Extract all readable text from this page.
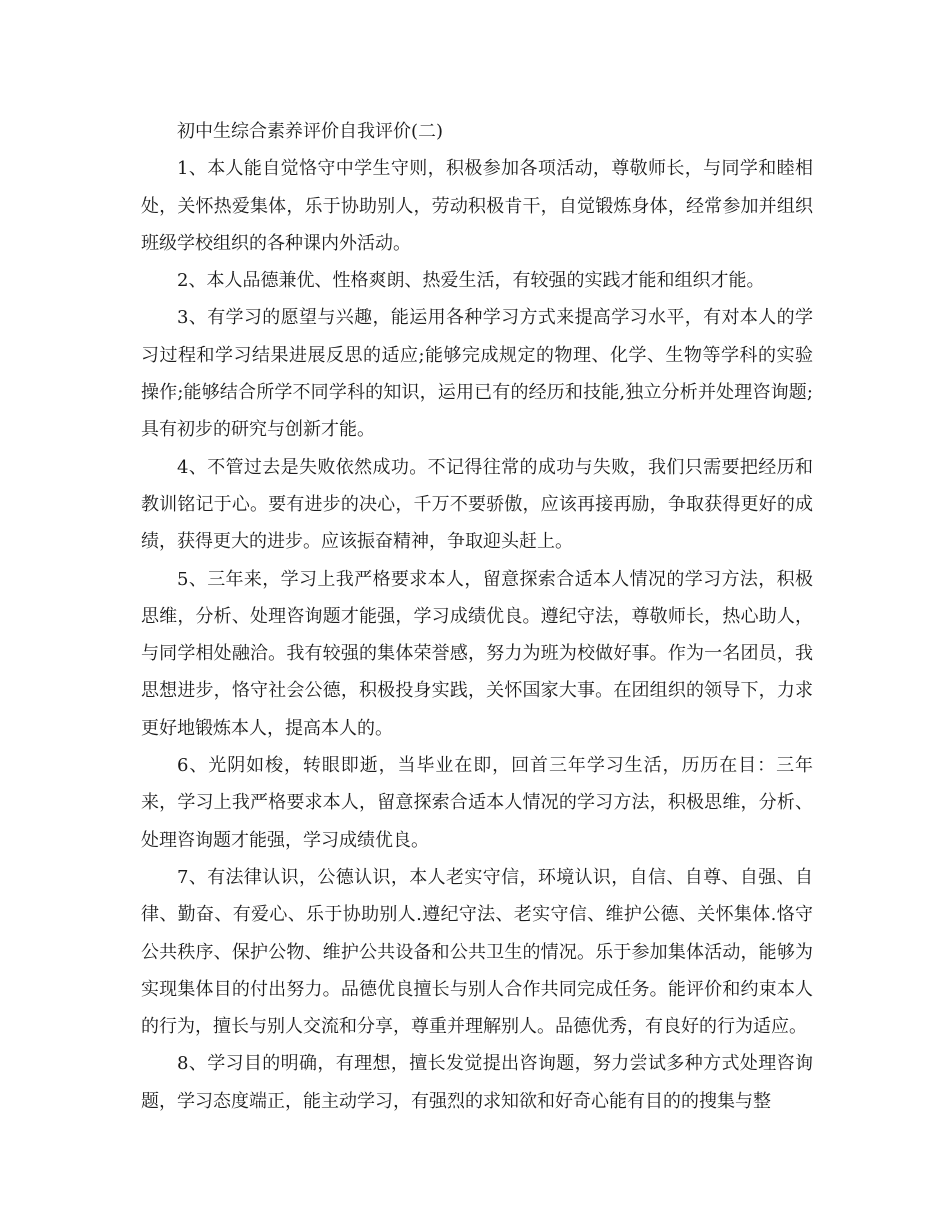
初中生综合素养评价自我评价(二)

1、本人能自觉恪守中学生守则，积极参加各项活动，尊敬师长，与同学和睦相处，关怀热爱集体，乐于协助别人，劳动积极肯干，自觉锻炼身体，经常参加并组织班级学校组织的各种课内外活动。

2、本人品德兼优、性格爽朗、热爱生活，有较强的实践才能和组织才能。

3、有学习的愿望与兴趣，能运用各种学习方式来提高学习水平，有对本人的学习过程和学习结果进展反思的适应;能够完成规定的物理、化学、生物等学科的实验操作;能够结合所学不同学科的知识，运用已有的经历和技能,独立分析并处理咨询题;具有初步的研究与创新才能。

4、不管过去是失败依然成功。不记得往常的成功与失败，我们只需要把经历和教训铭记于心。要有进步的决心，千万不要骄傲，应该再接再励，争取获得更好的成绩，获得更大的进步。应该振奋精神，争取迎头赶上。

5、三年来，学习上我严格要求本人，留意探索合适本人情况的学习方法，积极思维，分析、处理咨询题才能强，学习成绩优良。遵纪守法，尊敬师长，热心助人，与同学相处融洽。我有较强的集体荣誉感，努力为班为校做好事。作为一名团员，我思想进步，恪守社会公德，积极投身实践，关怀国家大事。在团组织的领导下，力求更好地锻炼本人，提高本人的。

6、光阴如梭，转眼即逝，当毕业在即，回首三年学习生活，历历在目：三年来，学习上我严格要求本人，留意探索合适本人情况的学习方法，积极思维，分析、处理咨询题才能强，学习成绩优良。

7、有法律认识，公德认识，本人老实守信，环境认识，自信、自尊、自强、自律、勤奋、有爱心、乐于协助别人.遵纪守法、老实守信、维护公德、关怀集体.恪守公共秩序、保护公物、维护公共设备和公共卫生的情况。乐于参加集体活动，能够为实现集体目的付出努力。品德优良擅长与别人合作共同完成任务。能评价和约束本人的行为，擅长与别人交流和分享，尊重并理解别人。品德优秀，有良好的行为适应。

8、学习目的明确，有理想，擅长发觉提出咨询题，努力尝试多种方式处理咨询题，学习态度端正，能主动学习，有强烈的求知欲和好奇心能有目的的搜集与整
